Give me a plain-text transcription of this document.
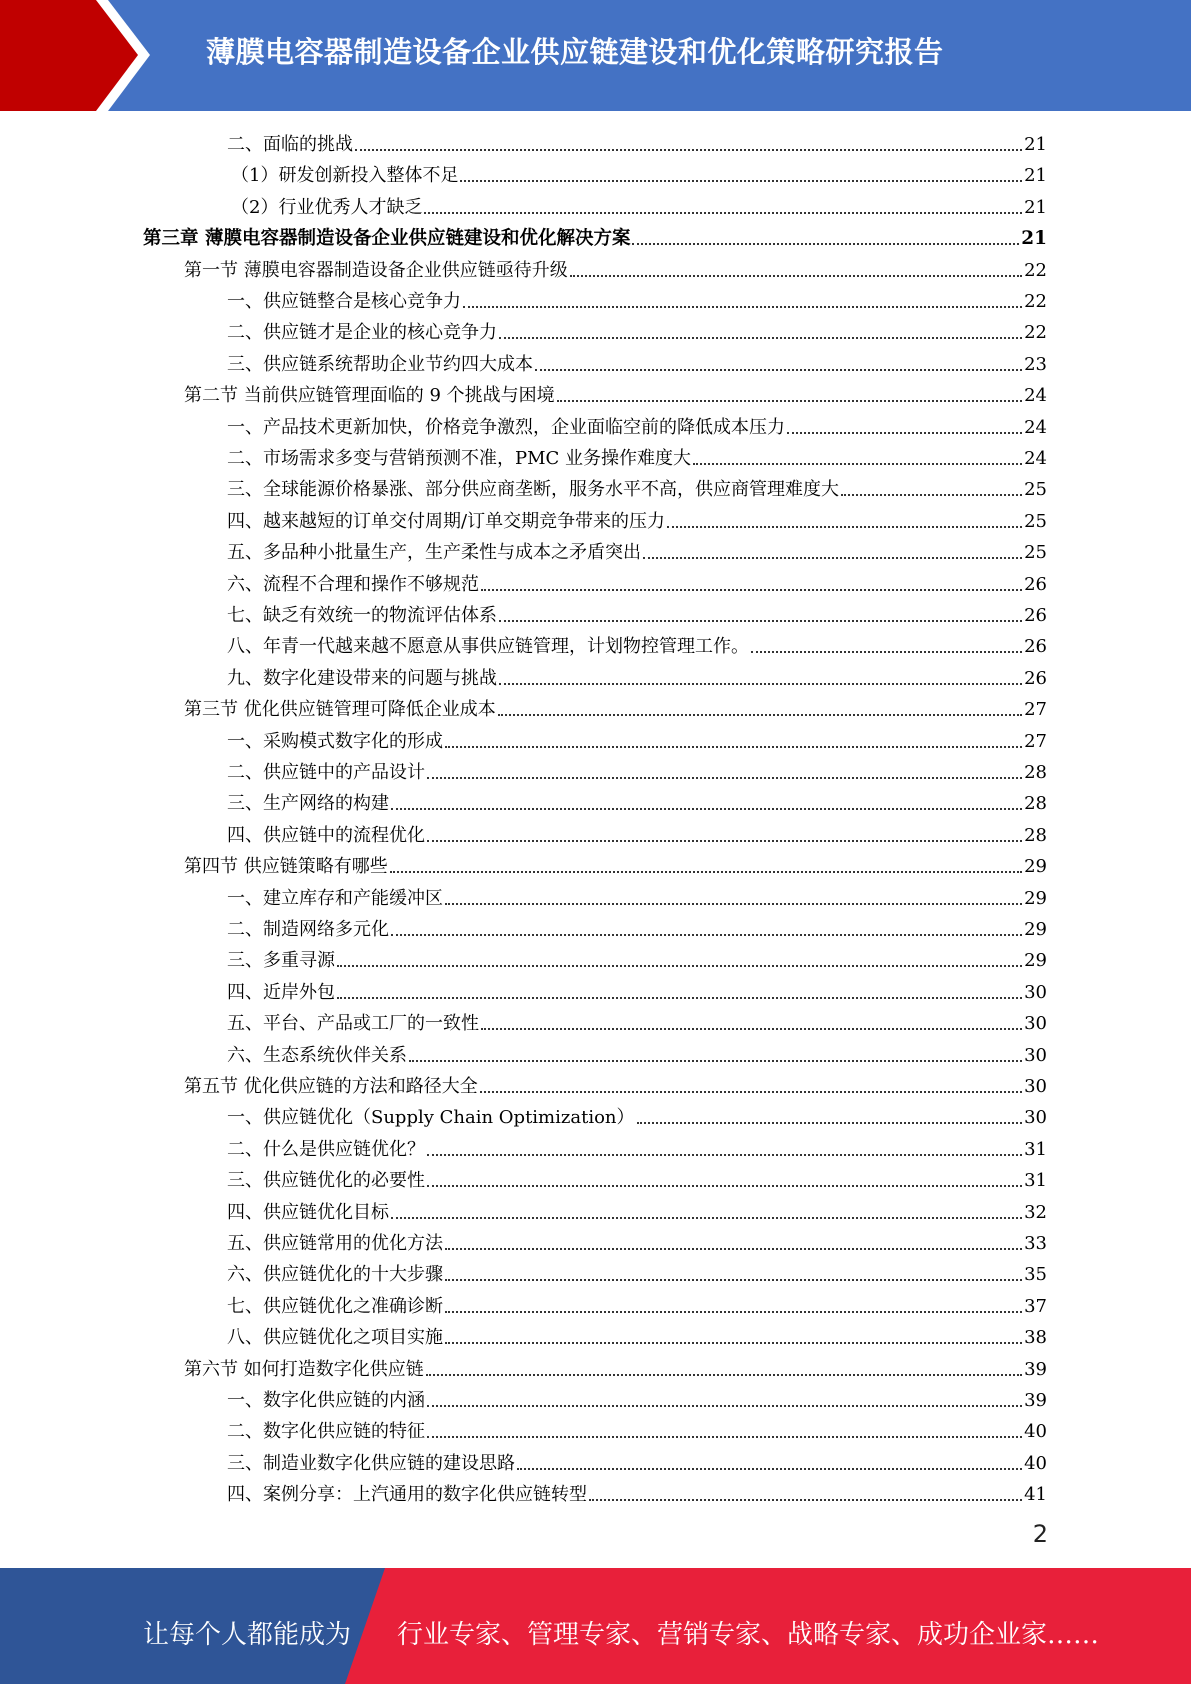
薄膜电容器制造设备企业供应链建设和优化策略研究报告
二、面临的挑战	21
（1）研发创新投入整体不足	21
（2）行业优秀人才缺乏	21
第三章 薄膜电容器制造设备企业供应链建设和优化解决方案	21
第一节 薄膜电容器制造设备企业供应链亟待升级	22
一、供应链整合是核心竞争力	22
二、供应链才是企业的核心竞争力	22
三、供应链系统帮助企业节约四大成本	23
第二节 当前供应链管理面临的 9 个挑战与困境	24
一、产品技术更新加快，价格竞争激烈，企业面临空前的降低成本压力	24
二、市场需求多变与营销预测不准，PMC 业务操作难度大	24
三、全球能源价格暴涨、部分供应商垄断，服务水平不高，供应商管理难度大	25
四、越来越短的订单交付周期/订单交期竞争带来的压力	25
五、多品种小批量生产，生产柔性与成本之矛盾突出	25
六、流程不合理和操作不够规范	26
七、缺乏有效统一的物流评估体系	26
八、年青一代越来越不愿意从事供应链管理，计划物控管理工作。	26
九、数字化建设带来的问题与挑战	26
第三节 优化供应链管理可降低企业成本	27
一、采购模式数字化的形成	27
二、供应链中的产品设计	28
三、生产网络的构建	28
四、供应链中的流程优化	28
第四节 供应链策略有哪些	29
一、建立库存和产能缓冲区	29
二、制造网络多元化	29
三、多重寻源	29
四、近岸外包	30
五、平台、产品或工厂的一致性	30
六、生态系统伙伴关系	30
第五节 优化供应链的方法和路径大全	30
一、供应链优化（Supply Chain Optimization）	30
二、什么是供应链优化？	31
三、供应链优化的必要性	31
四、供应链优化目标	32
五、供应链常用的优化方法	33
六、供应链优化的十大步骤	35
七、供应链优化之准确诊断	37
八、供应链优化之项目实施	38
第六节 如何打造数字化供应链	39
一、数字化供应链的内涵	39
二、数字化供应链的特征	40
三、制造业数字化供应链的建设思路	40
四、案例分享：上汽通用的数字化供应链转型	41
2
让每个人都能成为 行业专家、管理专家、营销专家、战略专家、成功企业家……
